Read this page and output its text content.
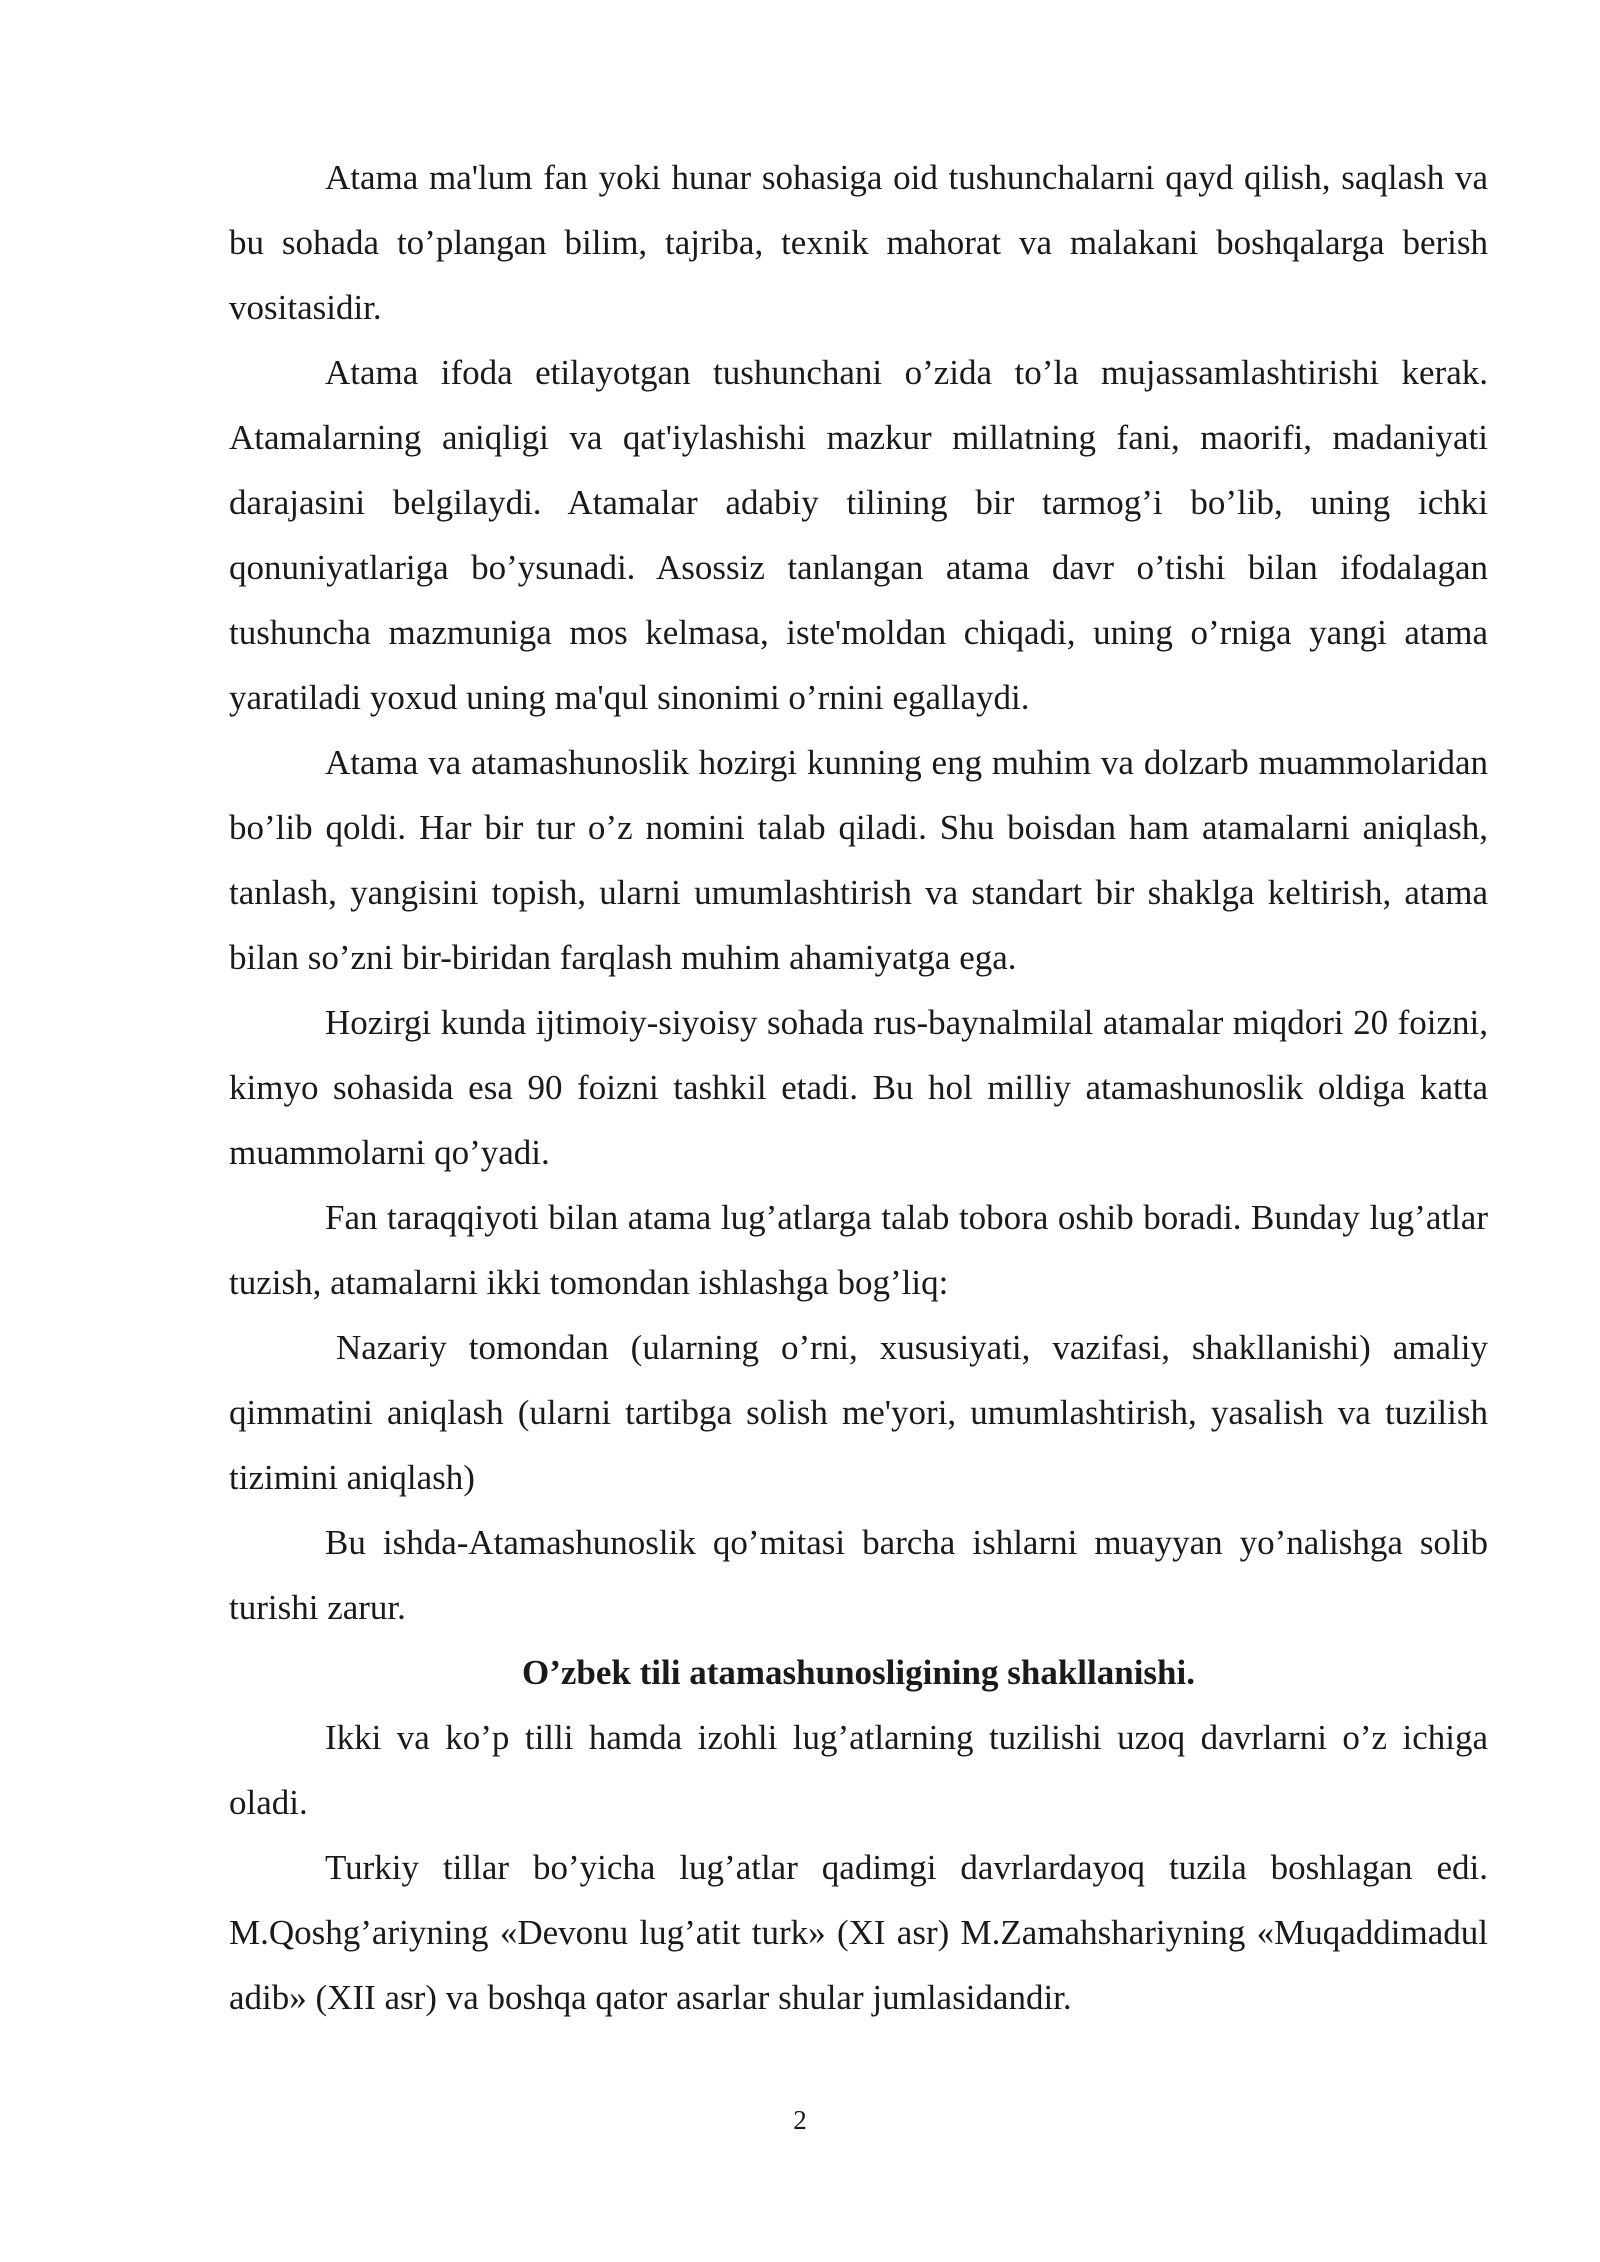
Atama ma'lum fan yoki hunar sohasiga oid tushunchalarni qayd qilish, saqlash va bu sohada to’plangan bilim, tajriba, texnik mahorat va malakani boshqalarga berish vositasidir.

Atama ifoda etilayotgan tushunchani o’zida to’la mujassamlashtirishi kerak. Atamalarning aniqligi va qat'iylashishi mazkur millatning fani, maorifi, madaniyati darajasini belgilaydi. Atamalar adabiy tilining bir tarmog’i bo’lib, uning ichki qonuniyatlariga bo’ysunadi. Asossiz tanlangan atama davr o’tishi bilan ifodalagan tushuncha mazmuniga mos kelmasa, iste'moldan chiqadi, uning o’rniga yangi atama yaratiladi yoxud uning ma'qul sinonimi o’rnini egallaydi.

Atama va atamashunoslik hozirgi kunning eng muhim va dolzarb muammolaridan bo’lib qoldi. Har bir tur o’z nomini talab qiladi. Shu boisdan ham atamalarni aniqlash, tanlash, yangisini topish, ularni umumlashtirish va standart bir shaklga keltirish, atama bilan so’zni bir-biridan farqlash muhim ahamiyatga ega.

Hozirgi kunda ijtimoiy-siyoisy sohada rus-baynalmilal atamalar miqdori 20 foizni, kimyo sohasida esa 90 foizni tashkil etadi. Bu hol milliy atamashunoslik oldiga katta muammolarni qo’yadi.

Fan taraqqiyoti bilan atama lug’atlarga talab tobora oshib boradi. Bunday lug’atlar tuzish, atamalarni ikki tomondan ishlashga bog’liq:

Nazariy tomondan (ularning o’rni, xususiyati, vazifasi, shakllanishi) amaliy qimmatini aniqlash (ularni tartibga solish me'yori, umumlashtirish, yasalish va tuzilish tizimini aniqlash)

Bu ishda-Atamashunoslik qo’mitasi barcha ishlarni muayyan yo’nalishga solib turishi zarur.

O’zbek tili atamashunosligining shakllanishi.

Ikki va ko’p tilli hamda izohli lug’atlarning tuzilishi uzoq davrlarni o’z ichiga oladi.

Turkiy tillar bo’yicha lug’atlar qadimgi davrlardayoq tuzila boshlagan edi. M.Qoshg’ariyning «Devonu lug’atit turk» (XI asr) M.Zamahshariyning «Muqaddimadul adib» (XII asr) va boshqa qator asarlar shular jumlasidandir.

2
